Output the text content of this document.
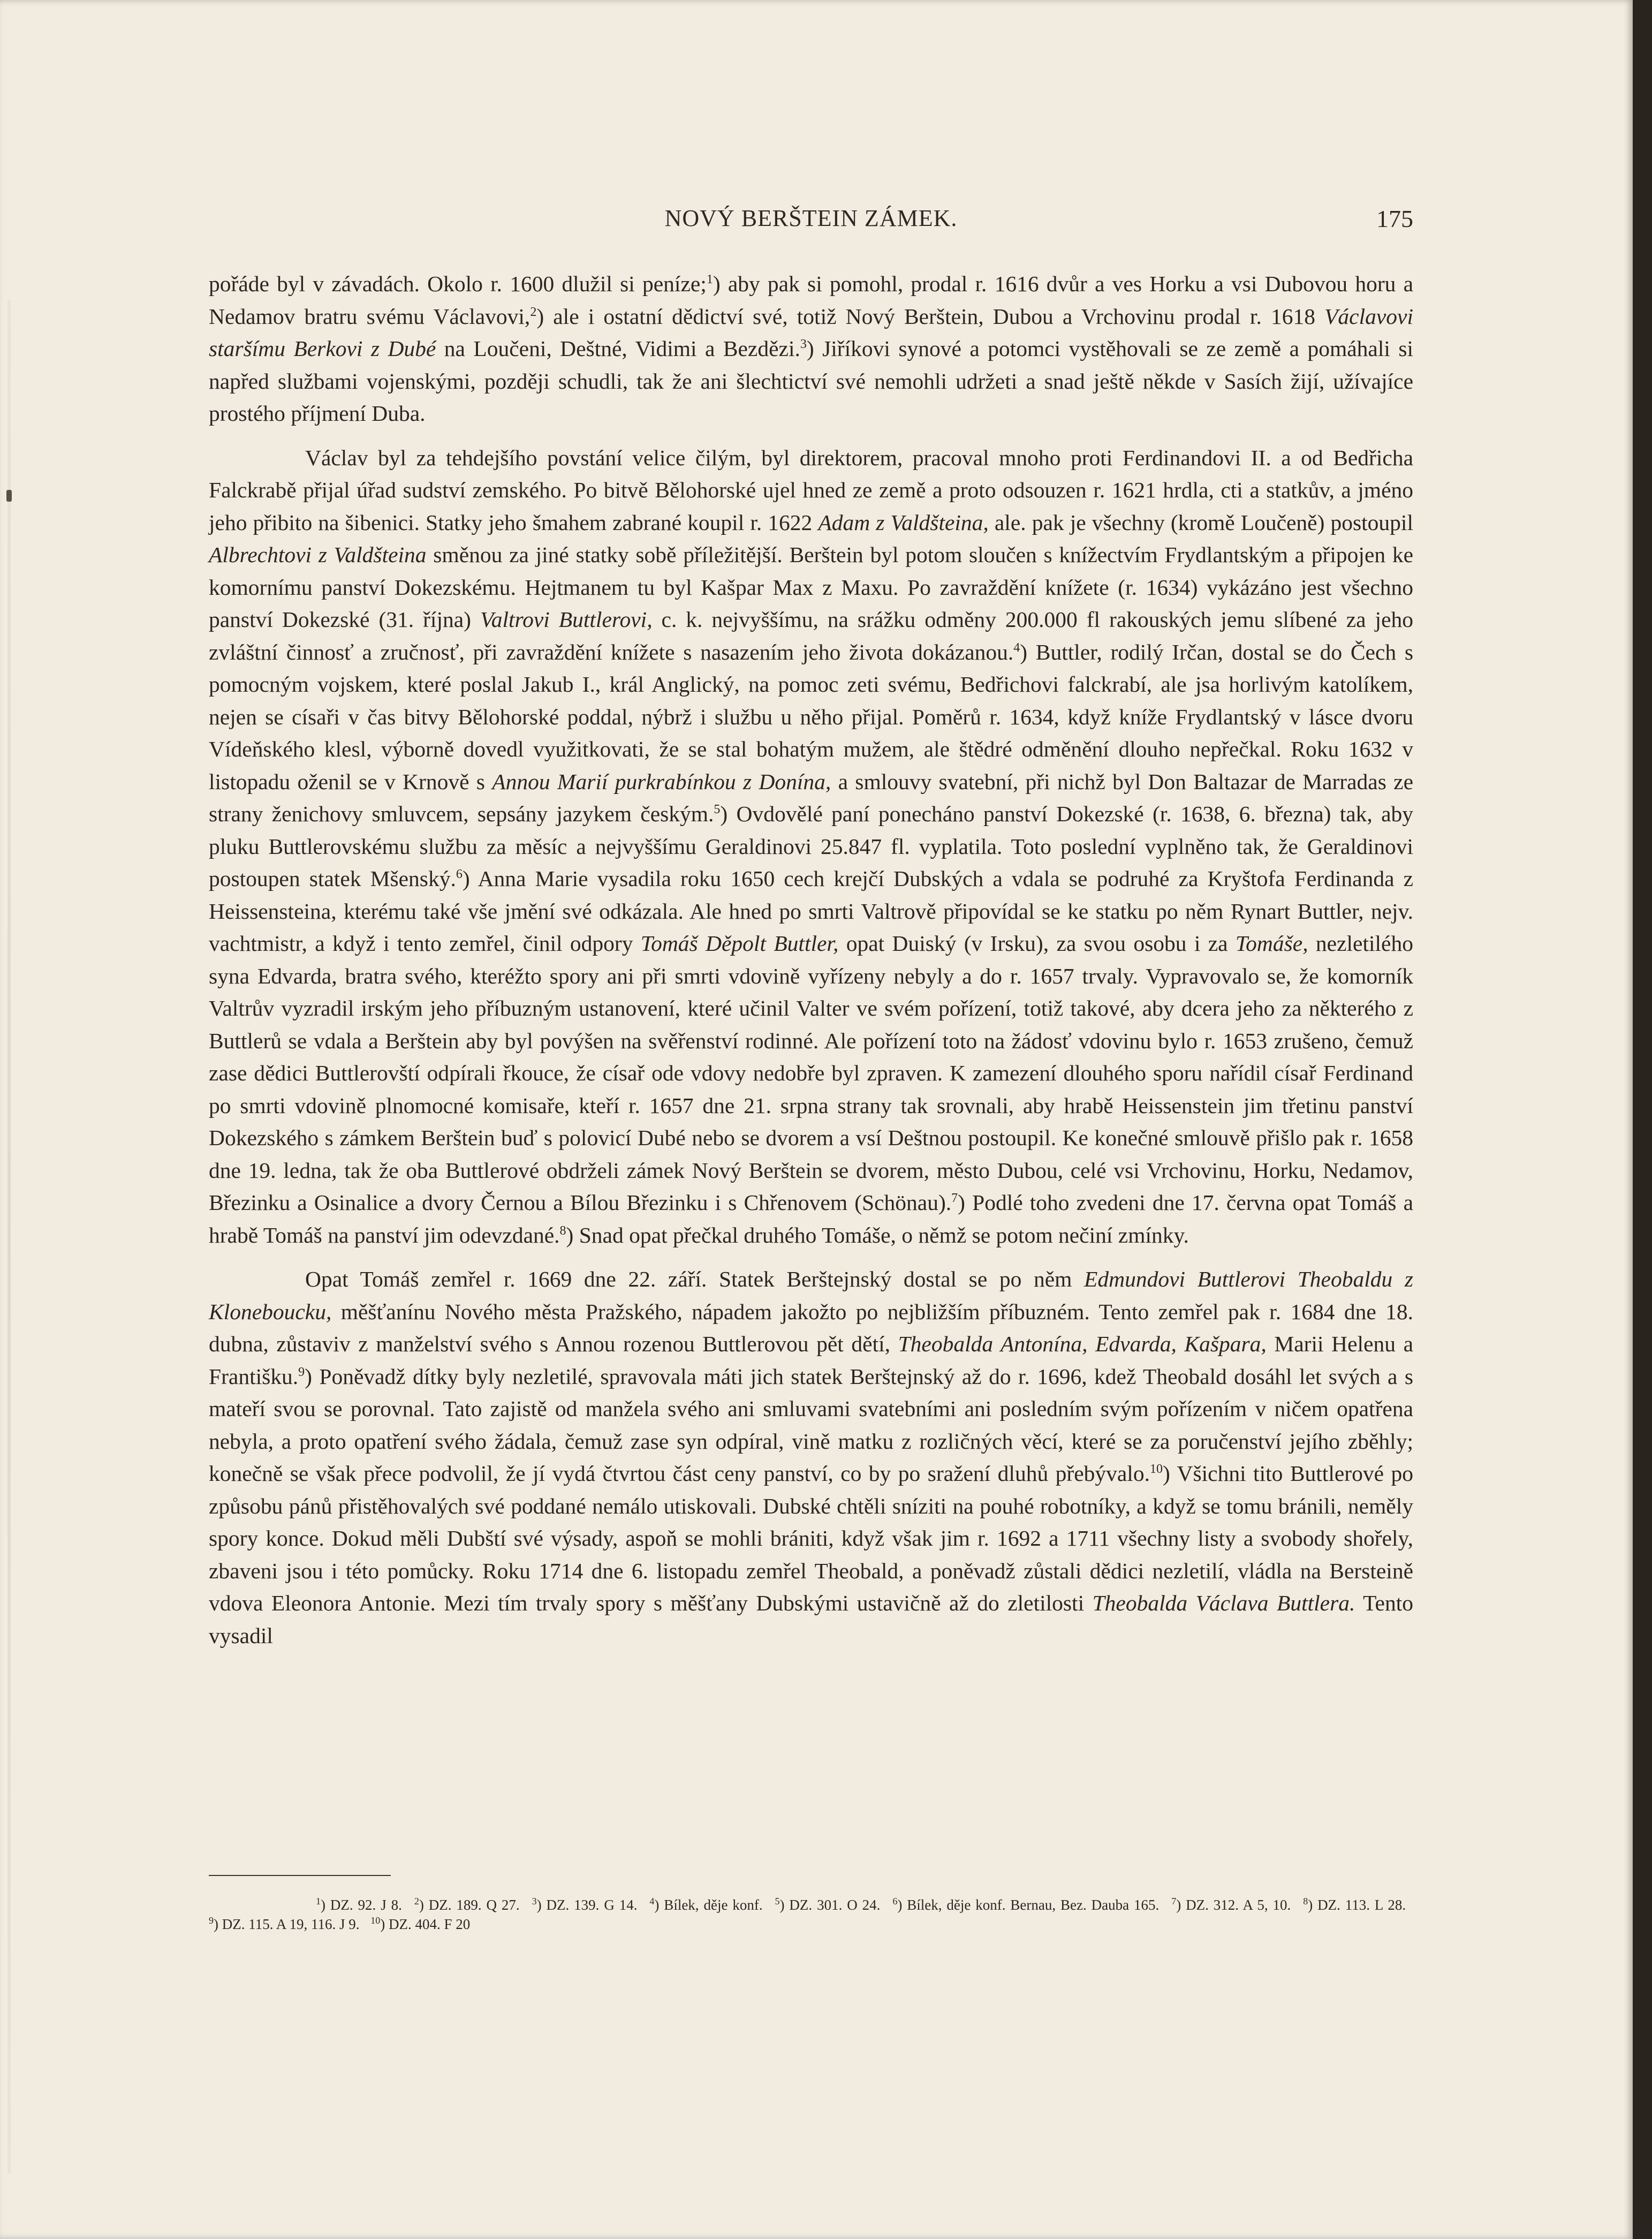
NOVÝ BERŠTEIN ZÁMEK.	175

pořáde byl v závadách. Okolo r. 1600 dlužil si peníze;$^1$) aby pak si pomohl, prodal r. 1616 dvůr a ves Horku a vsi Dubovou horu a Nedamov bratru svému Václavovi,$^2$) ale i ostatní dědictví své, totiž Nový Berštein, Dubou a Vrchovinu prodal r. 1618 Václavovi staršímu Berkovi z Dubé na Loučeni, Deštné, Vidimi a Bezdězi.$^3$) Jiříkovi synové a potomci vystěhovali se ze země a pomáhali si napřed službami vojenskými, později schudli, tak že ani šlechtictví své nemohli udržeti a snad ještě někde v Sasích žijí, užívajíce prostého příjmení Duba.

Václav byl za tehdejšího povstání velice čilým, byl direktorem, pracoval mnoho proti Ferdinandovi II. a od Bedřicha Falckrabě přijal úřad sudství zemského. Po bitvě Bělohorské ujel hned ze země a proto odsouzen r. 1621 hrdla, cti a statkův, a jméno jeho přibito na šibenici. Statky jeho šmahem zabrané koupil r. 1622 Adam z Valdšteina, ale. pak je všechny (kromě Loučeně) postoupil Albrechtovi z Valdšteina směnou za jiné statky sobě příležitější. Berštein byl potom sloučen s knížectvím Frydlantským a připojen ke komornímu panství Dokezskému. Hejtmanem tu byl Kašpar Max z Maxu. Po zavraždění knížete (r. 1634) vykázáno jest všechno panství Dokezské (31. října) Valtrovi Buttlerovi, c. k. nejvyššímu, na srážku odměny 200.000 fl rakouských jemu slíbené za jeho zvláštní činnosť a zručnosť, při zavraždění knížete s nasazením jeho života dokázanou.$^4$) Buttler, rodilý Irčan, dostal se do Čech s pomocným vojskem, které poslal Jakub I., král Anglický, na pomoc zeti svému, Bedřichovi falckrabí, ale jsa horlivým katolíkem, nejen se císaři v čas bitvy Bělohorské poddal, nýbrž i službu u něho přijal. Poměrů r. 1634, když kníže Frydlantský v lásce dvoru Vídeňského klesl, výborně dovedl využitkovati, že se stal bohatým mužem, ale štědré odměnění dlouho nepřečkal. Roku 1632 v listopadu oženil se v Krnově s Annou Marií purkrabínkou z Donína, a smlouvy svatební, při nichž byl Don Baltazar de Marradas ze strany ženichovy smluvcem, sepsány jazykem českým.$^5$) Ovdovělé paní ponecháno panství Dokezské (r. 1638, 6. března) tak, aby pluku Buttlerovskému službu za měsíc a nejvyššímu Geraldinovi 25.847 fl. vyplatila. Toto poslední vyplněno tak, že Geraldinovi postoupen statek Mšenský.$^6$) Anna Marie vysadila roku 1650 cech krejčí Dubských a vdala se podruhé za Kryštofa Ferdinanda z Heissensteina, kterému také vše jmění své odkázala. Ale hned po smrti Valtrově připovídal se ke statku po něm Rynart Buttler, nejv. vachtmistr, a když i tento zemřel, činil odpory Tomáš Děpolt Buttler, opat Duiský (v Irsku), za svou osobu i za Tomáše, nezletilého syna Edvarda, bratra svého, kteréžto spory ani při smrti vdovině vyřízeny nebyly a do r. 1657 trvaly. Vypravovalo se, že komorník Valtrův vyzradil irským jeho příbuzným ustanovení, které učinil Valter ve svém pořízení, totiž takové, aby dcera jeho za některého z Buttlerů se vdala a Berštein aby byl povýšen na svěřenství rodinné. Ale pořízení toto na žádosť vdovinu bylo r. 1653 zrušeno, čemuž zase dědici Buttlerovští odpírali řkouce, že císař ode vdovy nedobře byl zpraven. K zamezení dlouhého sporu nařídil císař Ferdinand po smrti vdovině plnomocné komisaře, kteří r. 1657 dne 21. srpna strany tak srovnali, aby hrabě Heissenstein jim třetinu panství Dokezského s zámkem Berštein buď s polovicí Dubé nebo se dvorem a vsí Deštnou postoupil. Ke konečné smlouvě přišlo pak r. 1658 dne 19. ledna, tak že oba Buttlerové obdrželi zámek Nový Berštein se dvorem, město Dubou, celé vsi Vrchovinu, Horku, Nedamov, Březinku a Osinalice a dvory Černou a Bílou Březinku i s Chřenovem (Schönau).$^7$) Podlé toho zvedeni dne 17. června opat Tomáš a hrabě Tomáš na panství jim odevzdané.$^8$) Snad opat přečkal druhého Tomáše, o němž se potom nečiní zmínky.

Opat Tomáš zemřel r. 1669 dne 22. září. Statek Berštejnský dostal se po něm Edmundovi Buttlerovi Theobaldu z Kloneboucku, měšťanínu Nového města Pražského, nápadem jakožto po nejbližším příbuzném. Tento zemřel pak r. 1684 dne 18. dubna, zůstaviv z manželství svého s Annou rozenou Buttlerovou pět dětí, Theobalda Antonína, Edvarda, Kašpara, Marii Helenu a Františku.$^9$) Poněvadž dítky byly nezletilé, spravovala máti jich statek Berštejnský až do r. 1696, kdež Theobald dosáhl let svých a s mateří svou se porovnal. Tato zajistě od manžela svého ani smluvami svatebními ani posledním svým pořízením v ničem opatřena nebyla, a proto opatření svého žádala, čemuž zase syn odpíral, vině matku z rozličných věcí, které se za poručenství jejího zběhly; konečně se však přece podvolil, že jí vydá čtvrtou část ceny panství, co by po sražení dluhů přebývalo.$^{10}$) Všichni tito Buttlerové po způsobu pánů přistěhovalých své poddané nemálo utiskovali. Dubské chtěli sníziti na pouhé robotníky, a když se tomu bránili, neměly spory konce. Dokud měli Dubští své výsady, aspoň se mohli brániti, když však jim r. 1692 a 1711 všechny listy a svobody shořely, zbaveni jsou i této pomůcky. Roku 1714 dne 6. listopadu zemřel Theobald, a poněvadž zůstali dědici nezletilí, vládla na Bersteině vdova Eleonora Antonie. Mezi tím trvaly spory s měšťany Dubskými ustavičně až do zletilosti Theobalda Václava Buttlera. Tento vysadil

$^1$) DZ. 92. J 8. $^2$) DZ. 189. Q 27. $^3$) DZ. 139. G 14. $^4$) Bílek, děje konf. $^5$) DZ. 301. O 24. $^6$) Bílek, děje konf. Bernau, Bez. Dauba 165. $^7$) DZ. 312. A 5, 10. $^8$) DZ. 113. L 28. $^9$) DZ. 115. A 19, 116. J 9. $^{10}$) DZ. 404. F 20
